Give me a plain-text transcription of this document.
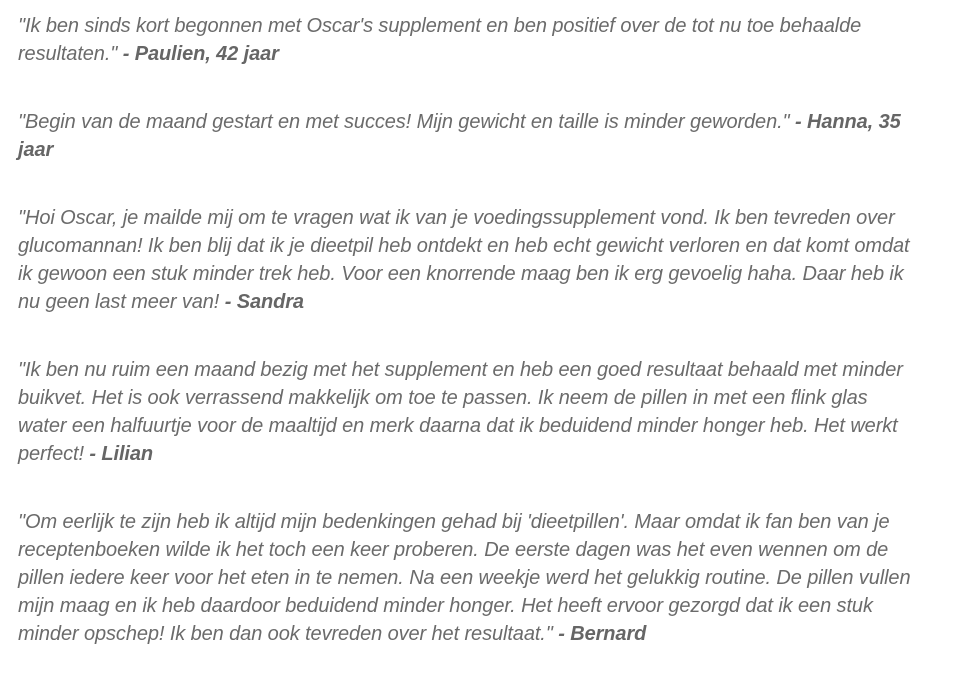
"Ik ben sinds kort begonnen met Oscar's supplement en ben positief over de tot nu toe behaalde resultaten." - Paulien, 42 jaar

"Begin van de maand gestart en met succes! Mijn gewicht en taille is minder geworden." - Hanna, 35 jaar

"Hoi Oscar, je mailde mij om te vragen wat ik van je voedingssupplement vond. Ik ben tevreden over glucomannan! Ik ben blij dat ik je dieetpil heb ontdekt en heb echt gewicht verloren en dat komt omdat ik gewoon een stuk minder trek heb. Voor een knorrende maag ben ik erg gevoelig haha. Daar heb ik nu geen last meer van! - Sandra

"Ik ben nu ruim een maand bezig met het supplement en heb een goed resultaat behaald met minder buikvet. Het is ook verrassend makkelijk om toe te passen. Ik neem de pillen in met een flink glas water een halfuurtje voor de maaltijd en merk daarna dat ik beduidend minder honger heb. Het werkt perfect! - Lilian

"Om eerlijk te zijn heb ik altijd mijn bedenkingen gehad bij 'dieetpillen'. Maar omdat ik fan ben van je receptenboeken wilde ik het toch een keer proberen. De eerste dagen was het even wennen om de pillen iedere keer voor het eten in te nemen. Na een weekje werd het gelukkig routine. De pillen vullen mijn maag en ik heb daardoor beduidend minder honger. Het heeft ervoor gezorgd dat ik een stuk minder opschep! Ik ben dan ook tevreden over het resultaat." - Bernard
